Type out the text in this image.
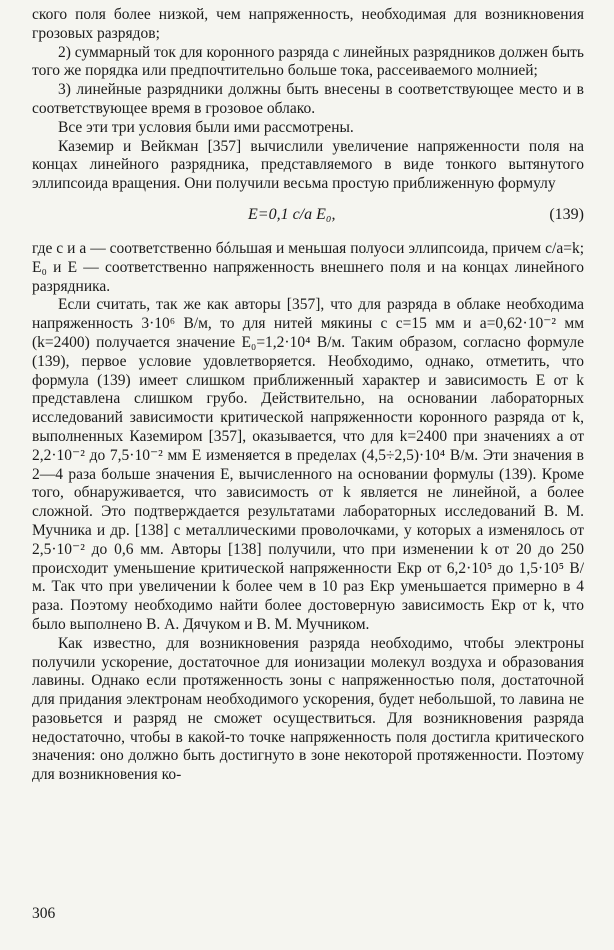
ского поля более низкой, чем напряженность, необходимая для возникновения грозовых разрядов;

2) суммарный ток для коронного разряда с линейных разрядников должен быть того же порядка или предпочтительно больше тока, рассеиваемого молнией;

3) линейные разрядники должны быть внесены в соответствующее место и в соответствующее время в грозовое облако.

Все эти три условия были ими рассмотрены.

Каземир и Вейкман [357] вычислили увеличение напряженности поля на концах линейного разрядника, представляемого в виде тонкого вытянутого эллипсоида вращения. Они получили весьма простую приближенную формулу

E=0,1 c/a E₀,	(139)

где c и a — соответственно бóльшая и меньшая полуоси эллипсоида, причем c/a=k; E₀ и E — соответственно напряженность внешнего поля и на концах линейного разрядника.

Если считать, так же как авторы [357], что для разряда в облаке необходима напряженность 3·10⁶ В/м, то для нитей мякины с c=15 мм и a=0,62·10⁻² мм (k=2400) получается значение E₀=1,2·10⁴ В/м. Таким образом, согласно формуле (139), первое условие удовлетворяется. Необходимо, однако, отметить, что формула (139) имеет слишком приближенный характер и зависимость E от k представлена слишком грубо. Действительно, на основании лабораторных исследований зависимости критической напряженности коронного разряда от k, выполненных Каземиром [357], оказывается, что для k=2400 при значениях a от 2,2·10⁻² до 7,5·10⁻² мм E изменяется в пределах (4,5÷2,5)·10⁴ В/м. Эти значения в 2—4 раза больше значения E, вычисленного на основании формулы (139). Кроме того, обнаруживается, что зависимость от k является не линейной, а более сложной. Это подтверждается результатами лабораторных исследований В. М. Мучника и др. [138] с металлическими проволочками, у которых a изменялось от 2,5·10⁻² до 0,6 мм. Авторы [138] получили, что при изменении k от 20 до 250 происходит уменьшение критической напряженности Eкр от 6,2·10⁵ до 1,5·10⁵ В/м. Так что при увеличении k более чем в 10 раз Eкр уменьшается примерно в 4 раза. Поэтому необходимо найти более достоверную зависимость Eкр от k, что было выполнено В. А. Дячуком и В. М. Мучником.

Как известно, для возникновения разряда необходимо, чтобы электроны получили ускорение, достаточное для ионизации молекул воздуха и образования лавины. Однако если протяженность зоны с напряженностью поля, достаточной для придания электронам необходимого ускорения, будет небольшой, то лавина не разовьется и разряд не сможет осуществиться. Для возникновения разряда недостаточно, чтобы в какой-то точке напряженность поля достигла критического значения: оно должно быть достигнуто в зоне некоторой протяженности. Поэтому для возникновения ко-

306
